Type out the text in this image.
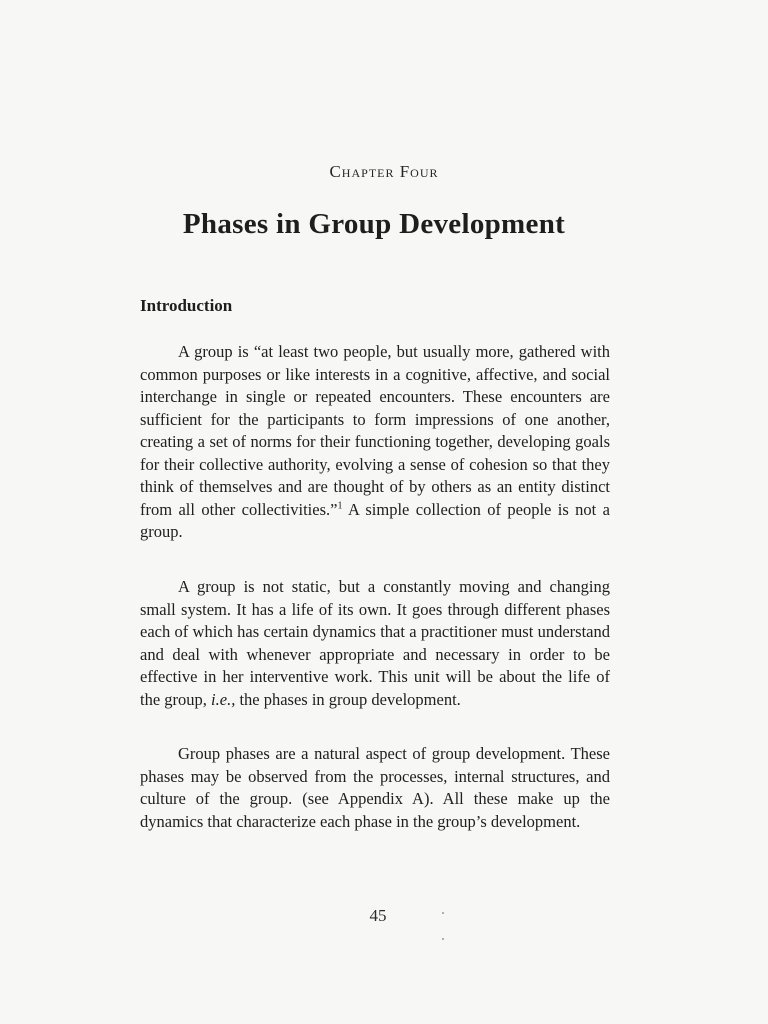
Chapter Four
Phases in Group Development
Introduction

A group is “at least two people, but usually more, gathered with common purposes or like interests in a cognitive, affective, and social interchange in single or repeated encounters. These encounters are sufficient for the participants to form impressions of one another, creating a set of norms for their functioning together, developing goals for their collective authority, evolving a sense of cohesion so that they think of themselves and are thought of by others as an entity distinct from all other collectivities.”$^1$ A simple collection of people is not a group.

A group is not static, but a constantly moving and changing small system. It has a life of its own. It goes through different phases each of which has certain dynamics that a practitioner must understand and deal with whenever appropriate and necessary in order to be effective in her interventive work. This unit will be about the life of the group, i.e., the phases in group development.

Group phases are a natural aspect of group development. These phases may be observed from the processes, internal structures, and culture of the group. (see Appendix A). All these make up the dynamics that characterize each phase in the group’s development.

45
